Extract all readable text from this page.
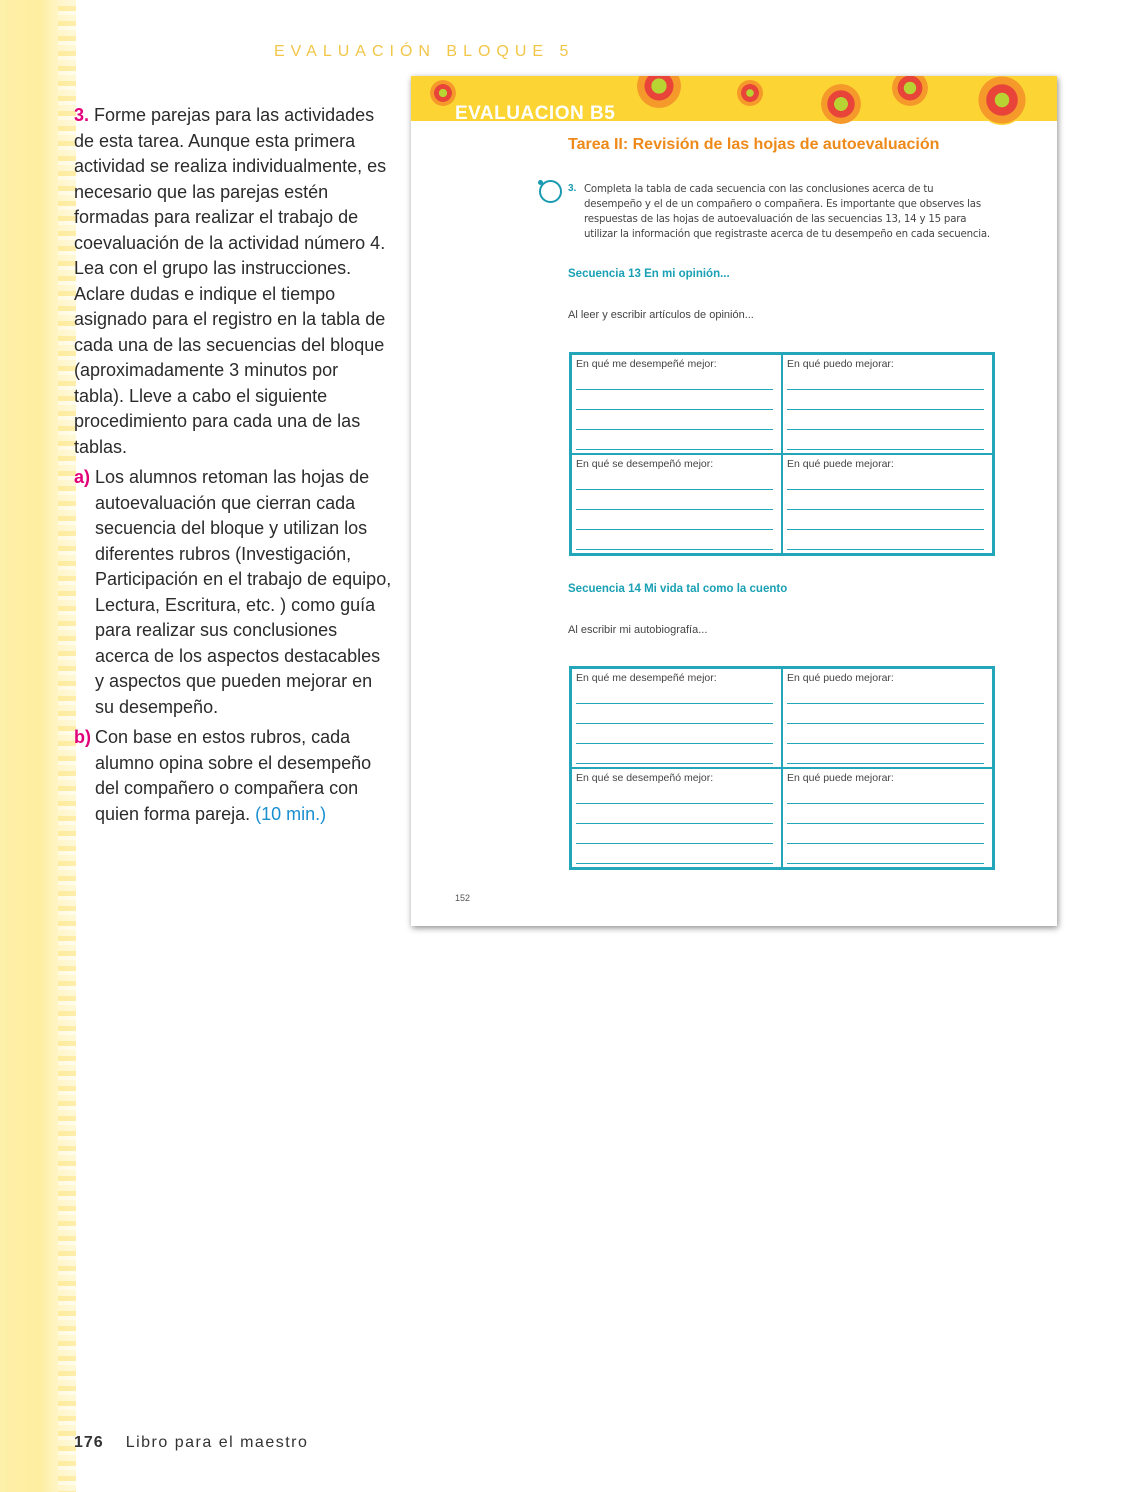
EVALUACIÓN BLOQUE 5

3. Forme parejas para las actividades de esta tarea. Aunque esta primera actividad se realiza individualmente, es necesario que las parejas estén formadas para realizar el trabajo de coevaluación de la actividad número 4. Lea con el grupo las instrucciones. Aclare dudas e indique el tiempo asignado para el registro en la tabla de cada una de las secuencias del bloque (aproximadamente 3 minutos por tabla). Lleve a cabo el siguiente procedimiento para cada una de las tablas.

a) Los alumnos retoman las hojas de autoevaluación que cierran cada secuencia del bloque y utilizan los diferentes rubros (Investigación, Participación en el trabajo de equipo, Lectura, Escritura, etc. ) como guía para realizar sus conclusiones acerca de los aspectos destacables y aspectos que pueden mejorar en su desempeño.
b) Con base en estos rubros, cada alumno opina sobre el desempeño del compañero o compañera con quien forma pareja. (10 min.)
EVALUACION B5
Tarea II: Revisión de las hojas de autoevaluación
3. Completa la tabla de cada secuencia con las conclusiones acerca de tu desempeño y el de un compañero o compañera. Es importante que observes las respuestas de las hojas de autoevaluación de las secuencias 13, 14 y 15 para utilizar la información que registraste acerca de tu desempeño en cada secuencia.
Secuencia 13 En mi opinión...
Al leer y escribir artículos de opinión...
En qué me desempeñé mejor:	En qué puedo mejorar:
En qué se desempeñó mejor:	En qué puede mejorar:
Secuencia 14 Mi vida tal como la cuento
Al escribir mi autobiografía...
En qué me desempeñé mejor:	En qué puedo mejorar:
En qué se desempeñó mejor:	En qué puede mejorar:
152
176 Libro para el maestro
